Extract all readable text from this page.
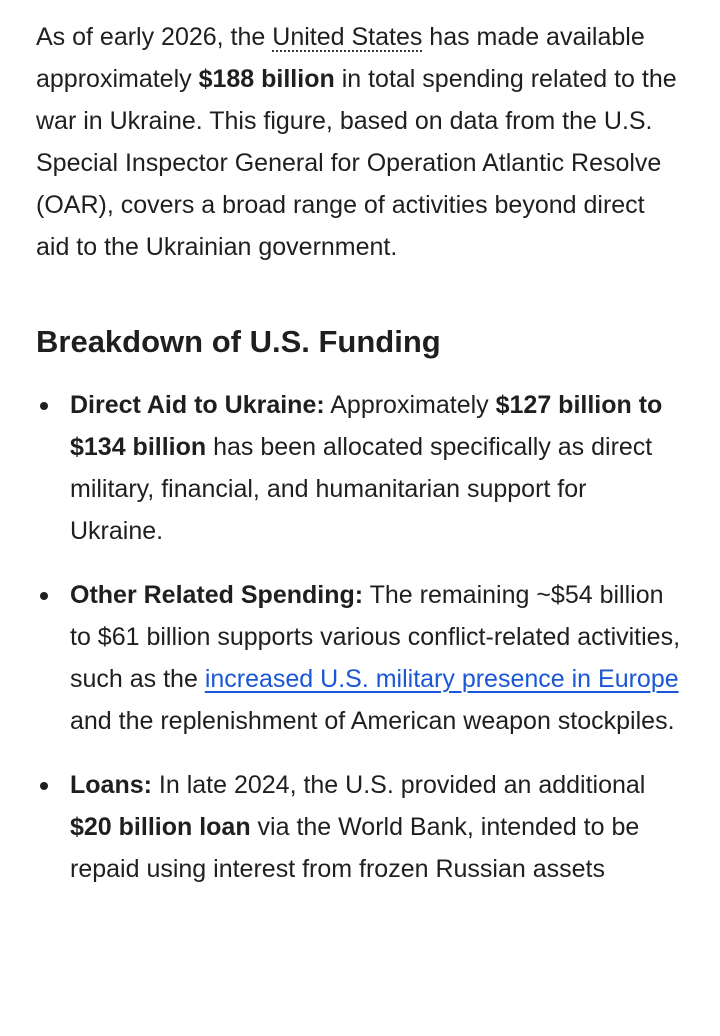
As of early 2026, the United States has made available approximately $188 billion in total spending related to the war in Ukraine. This figure, based on data from the U.S. Special Inspector General for Operation Atlantic Resolve (OAR), covers a broad range of activities beyond direct aid to the Ukrainian government.

Breakdown of U.S. Funding
Direct Aid to Ukraine: Approximately $127 billion to $134 billion has been allocated specifically as direct military, financial, and humanitarian support for Ukraine.
Other Related Spending: The remaining ~$54 billion to $61 billion supports various conflict-related activities, such as the increased U.S. military presence in Europe and the replenishment of American weapon stockpiles.
Loans: In late 2024, the U.S. provided an additional $20 billion loan via the World Bank, intended to be repaid using interest from frozen Russian assets
